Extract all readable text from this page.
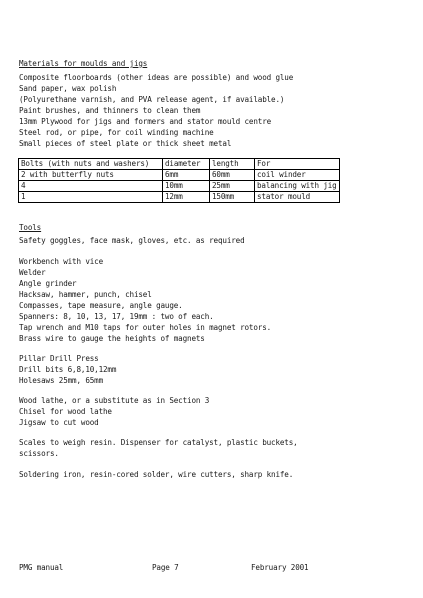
Materials for moulds and jigs
Composite floorboards (other ideas are possible) and wood glue
Sand paper, wax polish
(Polyurethane varnish, and PVA release agent, if available.)
Paint brushes, and thinners to clean them
13mm Plywood for jigs and formers and stator mould centre
Steel rod, or pipe, for coil winding machine
Small pieces of steel plate or thick sheet metal
Bolts (with nuts and washers)	diameter	length	For
2 with butterfly nuts	6mm	60mm	coil winder
4	10mm	25mm	balancing with jig
1	12mm	150mm	stator mould
Tools
Safety goggles, face mask, gloves, etc. as required
Workbench with vice
Welder
Angle grinder
Hacksaw, hammer, punch, chisel
Compasses, tape measure, angle gauge.
Spanners: 8, 10, 13, 17, 19mm : two of each.
Tap wrench and M10 taps for outer holes in magnet rotors.
Brass wire to gauge the heights of magnets
Pillar Drill Press
Drill bits 6,8,10,12mm
Holesaws 25mm, 65mm
Wood lathe, or a substitute as in Section 3
Chisel for wood lathe
Jigsaw to cut wood
Scales to weigh resin. Dispenser for catalyst, plastic buckets,
scissors.
Soldering iron, resin-cored solder, wire cutters, sharp knife.
PMG manual	Page 7	February 2001
